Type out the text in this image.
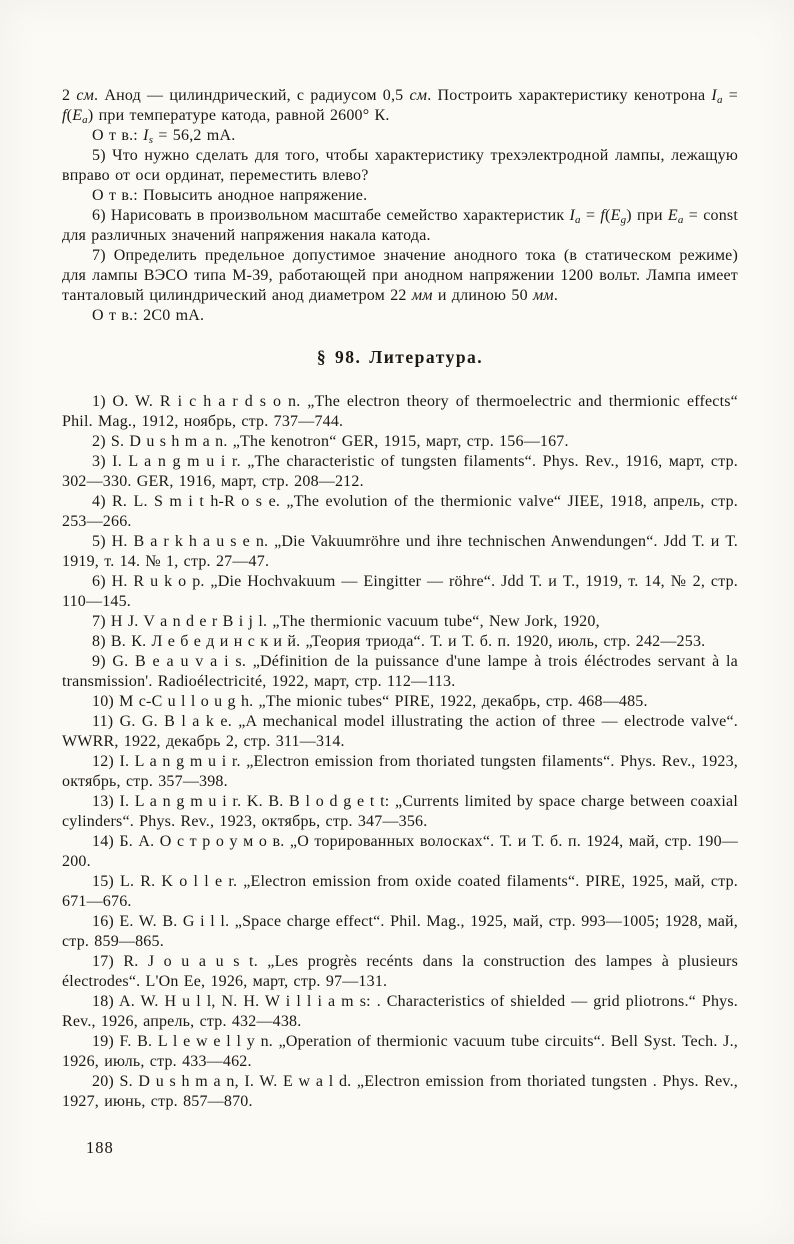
2 см. Анод — цилиндрический, с радиусом 0,5 см. Построить характеристику кенотрона $I_a = f(E_a)$ при температуре катода, равной 2600° К.

О т в.: $I_s = 56,2$ mA.

5) Что нужно сделать для того, чтобы характеристику трехэлектродной лампы, лежащую вправо от оси ординат, переместить влево?

О т в.: Повысить анодное напряжение.

6) Нарисовать в произвольном масштабе семейство характеристик $I_a = f(E_g)$ при $E_a$ = const для различных значений напряжения накала катода.

7) Определить предельное допустимое значение анодного тока (в статическом режиме) для лампы ВЭСО типа М-39, работающей при анодном напряжении 1200 вольт. Лампа имеет танталовый цилиндрический анод диаметром 22 мм и длиною 50 мм.

О т в.: 2С0 mA.

§ 98. Литература.

1) O. W. R i c h a r d s o n. „The electron theory of thermoelectric and thermionic effects“ Phil. Mag., 1912, ноябрь, стр. 737—744.

2) S. D u s h m a n. „The kenotron“ GER, 1915, март, стр. 156—167.

3) I. L a n g m u i r. „The characteristic of tungsten filaments“. Phys. Rev., 1916, март, стр. 302—330. GER, 1916, март, стр. 208—212.

4) R. L. S m i t h-R o s e. „The evolution of the thermionic valve“ JIEE, 1918, апрель, стр. 253—266.

5) H. B a r k h a u s e n. „Die Vakuumröhre und ihre technischen Anwendungen“. Jdd Т. и Т. 1919, т. 14. № 1, стр. 27—47.

6) H. R u k o p. „Die Hochvakuum — Eingitter — röhre“. Jdd Т. и Т., 1919, т. 14, № 2, стр. 110—145.

7) H J. V a n d e r B i j l. „The thermionic vacuum tube“, New Jork, 1920,

8) В. К. Л е б е д и н с к и й. „Теория триода“. Т. и Т. б. п. 1920, июль, стр. 242—253.

9) G. B e a u v a i s. „Définition de la puissance d'une lampe à trois éléctrodes servant à la transmission'. Radioélectricité, 1922, март, стр. 112—113.

10) M c-C u l l o u g h. „The mionic tubes“ PIRE, 1922, декабрь, стр. 468—485.

11) G. G. B l a k e. „A mechanical model illustrating the action of three — electrode valve“. WWRR, 1922, декабрь 2, стр. 311—314.

12) I. L a n g m u i r. „Electron emission from thoriated tungsten filaments“. Phys. Rev., 1923, октябрь, стр. 357—398.

13) I. L a n g m u i r. K. B. B l o d g e t t: „Currents limited by space charge between coaxial cylinders“. Phys. Rev., 1923, октябрь, стр. 347—356.

14) Б. А. О с т р о у м о в. „О торированных волосках“. Т. и Т. б. п. 1924, май, стр. 190—200.

15) L. R. K o l l e r. „Electron emission from oxide coated filaments“. PIRE, 1925, май, стр. 671—676.

16) E. W. B. G i l l. „Space charge effect“. Phil. Mag., 1925, май, стр. 993—1005; 1928, май, стр. 859—865.

17) R. J o u a u s t. „Les progrès recénts dans la construction des lampes à plusieurs électrodes“. L'On Ee, 1926, март, стр. 97—131.

18) A. W. H u l l, N. H. W i l l i a m s: . Characteristics of shielded — grid pliotrons.“ Phys. Rev., 1926, апрель, стр. 432—438.

19) F. B. L l e w e l l y n. „Operation of thermionic vacuum tube circuits“. Bell Syst. Tech. J., 1926, июль, стр. 433—462.

20) S. D u s h m a n, I. W. E w a l d. „Electron emission from thoriated tungsten . Phys. Rev., 1927, июнь, стр. 857—870.

188
